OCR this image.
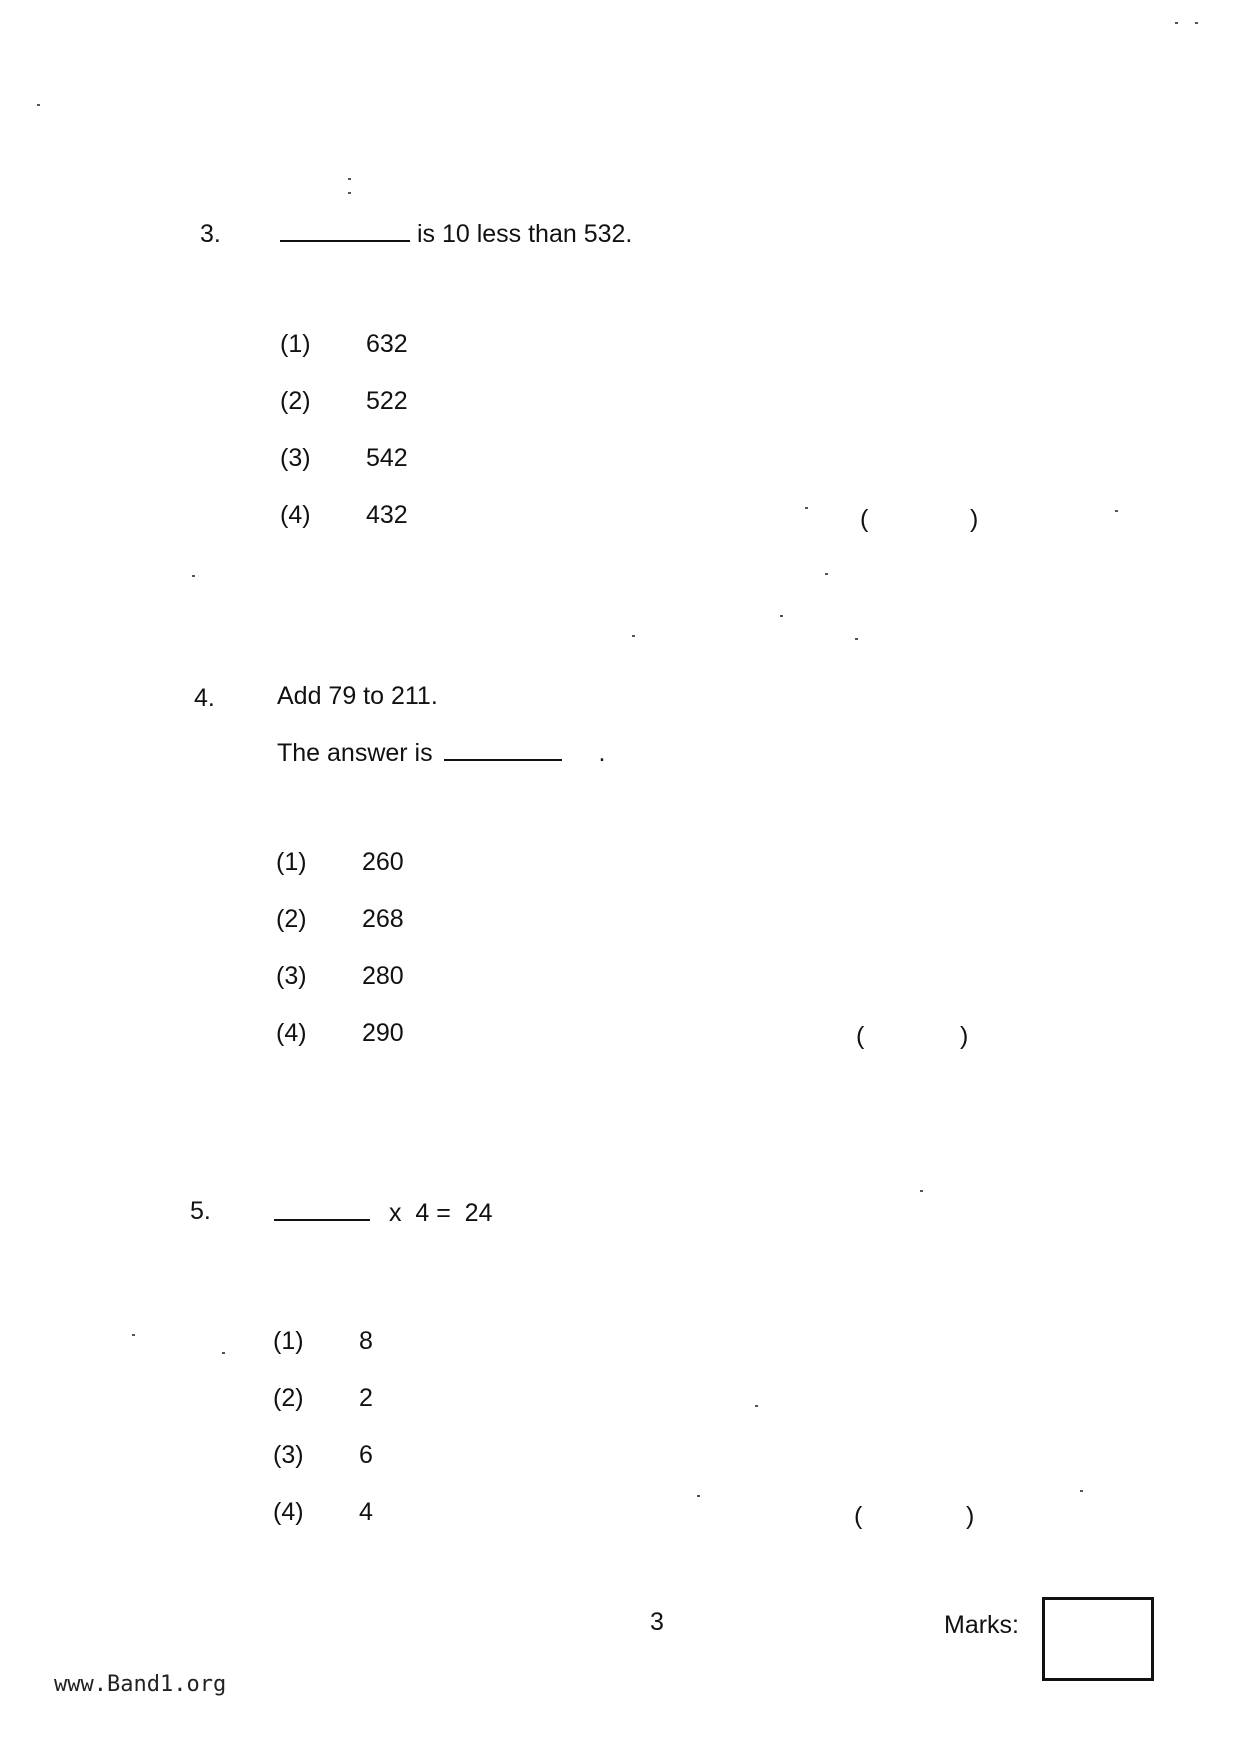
3.	is 10 less than 532.
(1) 632
(2) 522
(3) 542
(4) 432	(	)
4. Add 79 to 211.
The answer is	.
(1) 260
(2) 268
(3) 280
(4) 290	(	)
5.	x  4 =  24
(1) 8
(2) 2
(3) 6
(4) 4	(	)
3	Marks:
www.Band1.org
